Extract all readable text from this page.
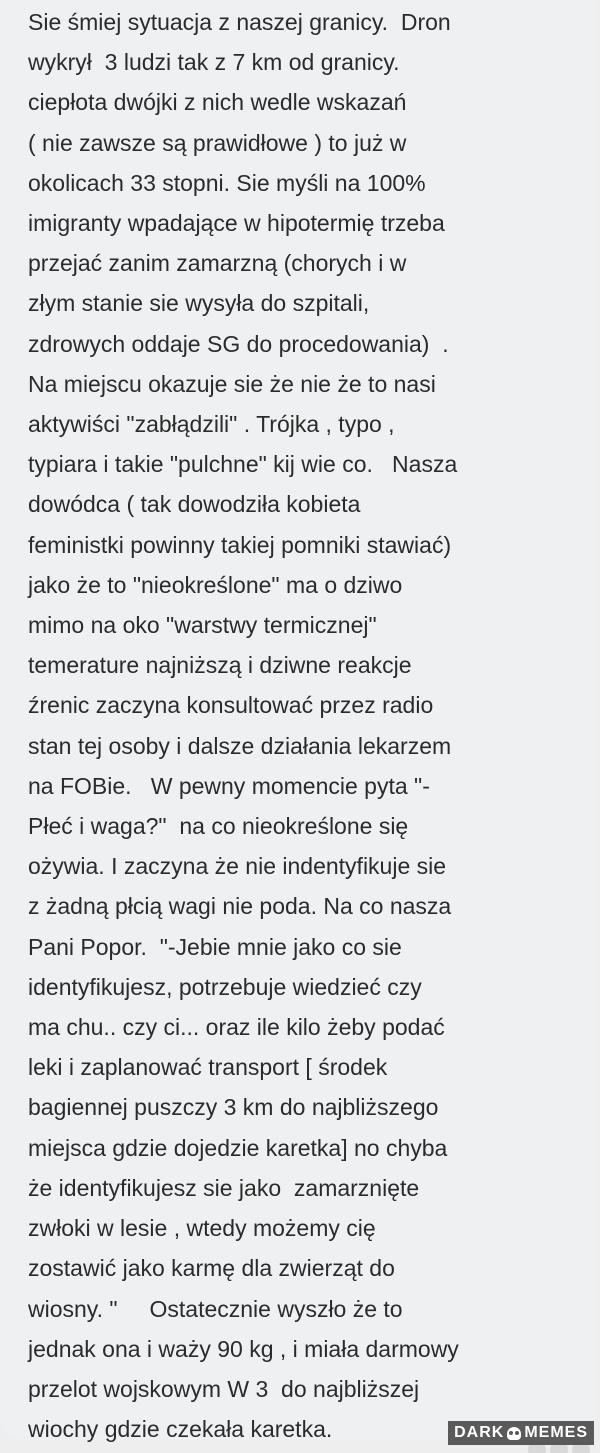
Sie śmiej sytuacja z naszej granicy.  Dron
wykrył  3 ludzi tak z 7 km od granicy.
ciepłota dwójki z nich wedle wskazań
( nie zawsze są prawidłowe ) to już w
okolicach 33 stopni. Sie myśli na 100%
imigranty wpadające w hipotermię trzeba
przejać zanim zamarzną (chorych i w
złym stanie sie wysyła do szpitali,
zdrowych oddaje SG do procedowania)  .
Na miejscu okazuje sie że nie że to nasi
aktywiści "zabłądzili" . Trójka , typo ,
typiara i takie "pulchne" kij wie co.   Nasza
dowódca ( tak dowodziła kobieta
feministki powinny takiej pomniki stawiać)
jako że to "nieokreślone" ma o dziwo
mimo na oko "warstwy termicznej"
temerature najniższą i dziwne reakcje
źrenic zaczyna konsultować przez radio
stan tej osoby i dalsze działania lekarzem
na FOBie.   W pewny momencie pyta "-
Płeć i waga?"  na co nieokreślone się
ożywia. I zaczyna że nie indentyfikuje sie
z żadną płcią wagi nie poda. Na co nasza
Pani Popor.  "-Jebie mnie jako co sie
identyfikujesz, potrzebuje wiedzieć czy
ma chu.. czy ci... oraz ile kilo żeby podać
leki i zaplanować transport [ środek
bagiennej puszczy 3 km do najbliższego
miejsca gdzie dojedzie karetka] no chyba
że identyfikujesz sie jako  zamarznięte
zwłoki w lesie , wtedy możemy cię
zostawić jako karmę dla zwierząt do
wiosny. "     Ostatecznie wyszło że to
jednak ona i waży 90 kg , i miała darmowy
przelot wojskowym W 3  do najbliższej
wiochy gdzie czekała karetka.	DARK MEMES
